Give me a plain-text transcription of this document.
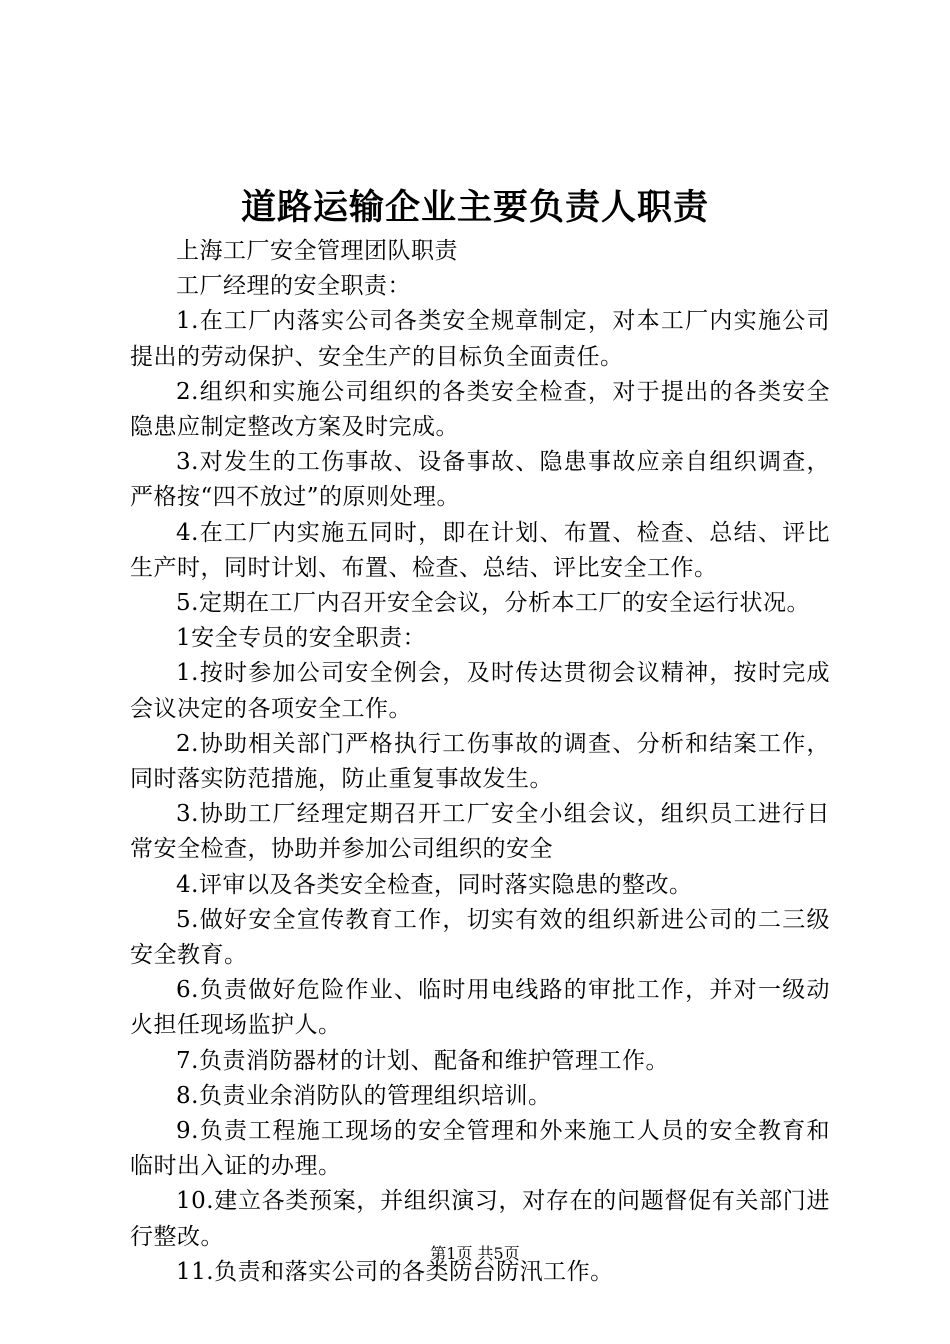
道路运输企业主要负责人职责

上海工厂安全管理团队职责

工厂经理的安全职责：

1.在工厂内落实公司各类安全规章制定，对本工厂内实施公司提出的劳动保护、安全生产的目标负全面责任。

2.组织和实施公司组织的各类安全检查，对于提出的各类安全隐患应制定整改方案及时完成。

3.对发生的工伤事故、设备事故、隐患事故应亲自组织调查，严格按“四不放过”的原则处理。

4.在工厂内实施五同时，即在计划、布置、检查、总结、评比生产时，同时计划、布置、检查、总结、评比安全工作。

5.定期在工厂内召开安全会议，分析本工厂的安全运行状况。

1安全专员的安全职责：

1.按时参加公司安全例会，及时传达贯彻会议精神，按时完成会议决定的各项安全工作。

2.协助相关部门严格执行工伤事故的调查、分析和结案工作，同时落实防范措施，防止重复事故发生。

3.协助工厂经理定期召开工厂安全小组会议，组织员工进行日常安全检查，协助并参加公司组织的安全

4.评审以及各类安全检查，同时落实隐患的整改。

5.做好安全宣传教育工作，切实有效的组织新进公司的二三级安全教育。

6.负责做好危险作业、临时用电线路的审批工作，并对一级动火担任现场监护人。

7.负责消防器材的计划、配备和维护管理工作。

8.负责业余消防队的管理组织培训。

9.负责工程施工现场的安全管理和外来施工人员的安全教育和临时出入证的办理。

10.建立各类预案，并组织演习，对存在的问题督促有关部门进行整改。

11.负责和落实公司的各类防台防汛工作。

第1页 共5页
